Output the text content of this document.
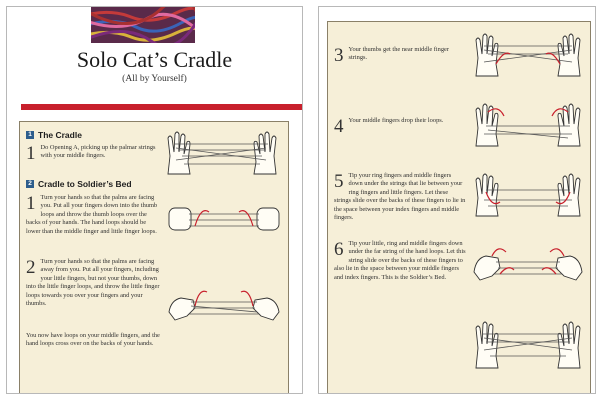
Solo Cat’s Cradle
(All by Yourself)
1 The Cradle
1 Do Opening A, picking up the palmar strings with your middle fingers.
2 Cradle to Soldier’s Bed
1 Turn your hands so that the palms are facing you. Put all your fingers down into the thumb loops and throw the thumb loops over the backs of your hands. The hand loops should be lower than the middle finger and little finger loops.
2 Turn your hands so that the palms are facing away from you. Put all your fingers, including your little fingers, but not your thumbs, down into the little finger loops, and throw the little finger loops towards you over your fingers and your thumbs.
You now have loops on your middle fingers, and the hand loops cross over on the backs of your hands.
3 Your thumbs get the near middle finger strings.
4 Your middle fingers drop their loops.
5 Tip your ring fingers and middle fingers down under the strings that lie between your ring fingers and little fingers. Let these strings slide over the backs of these fingers to lie in the space between your index fingers and middle fingers.
6 Tip your little, ring and middle fingers down under the far string of the hand loops. Let this string slide over the backs of these fingers to also lie in the space between your middle fingers and index fingers. This is the Soldier’s Bed.
